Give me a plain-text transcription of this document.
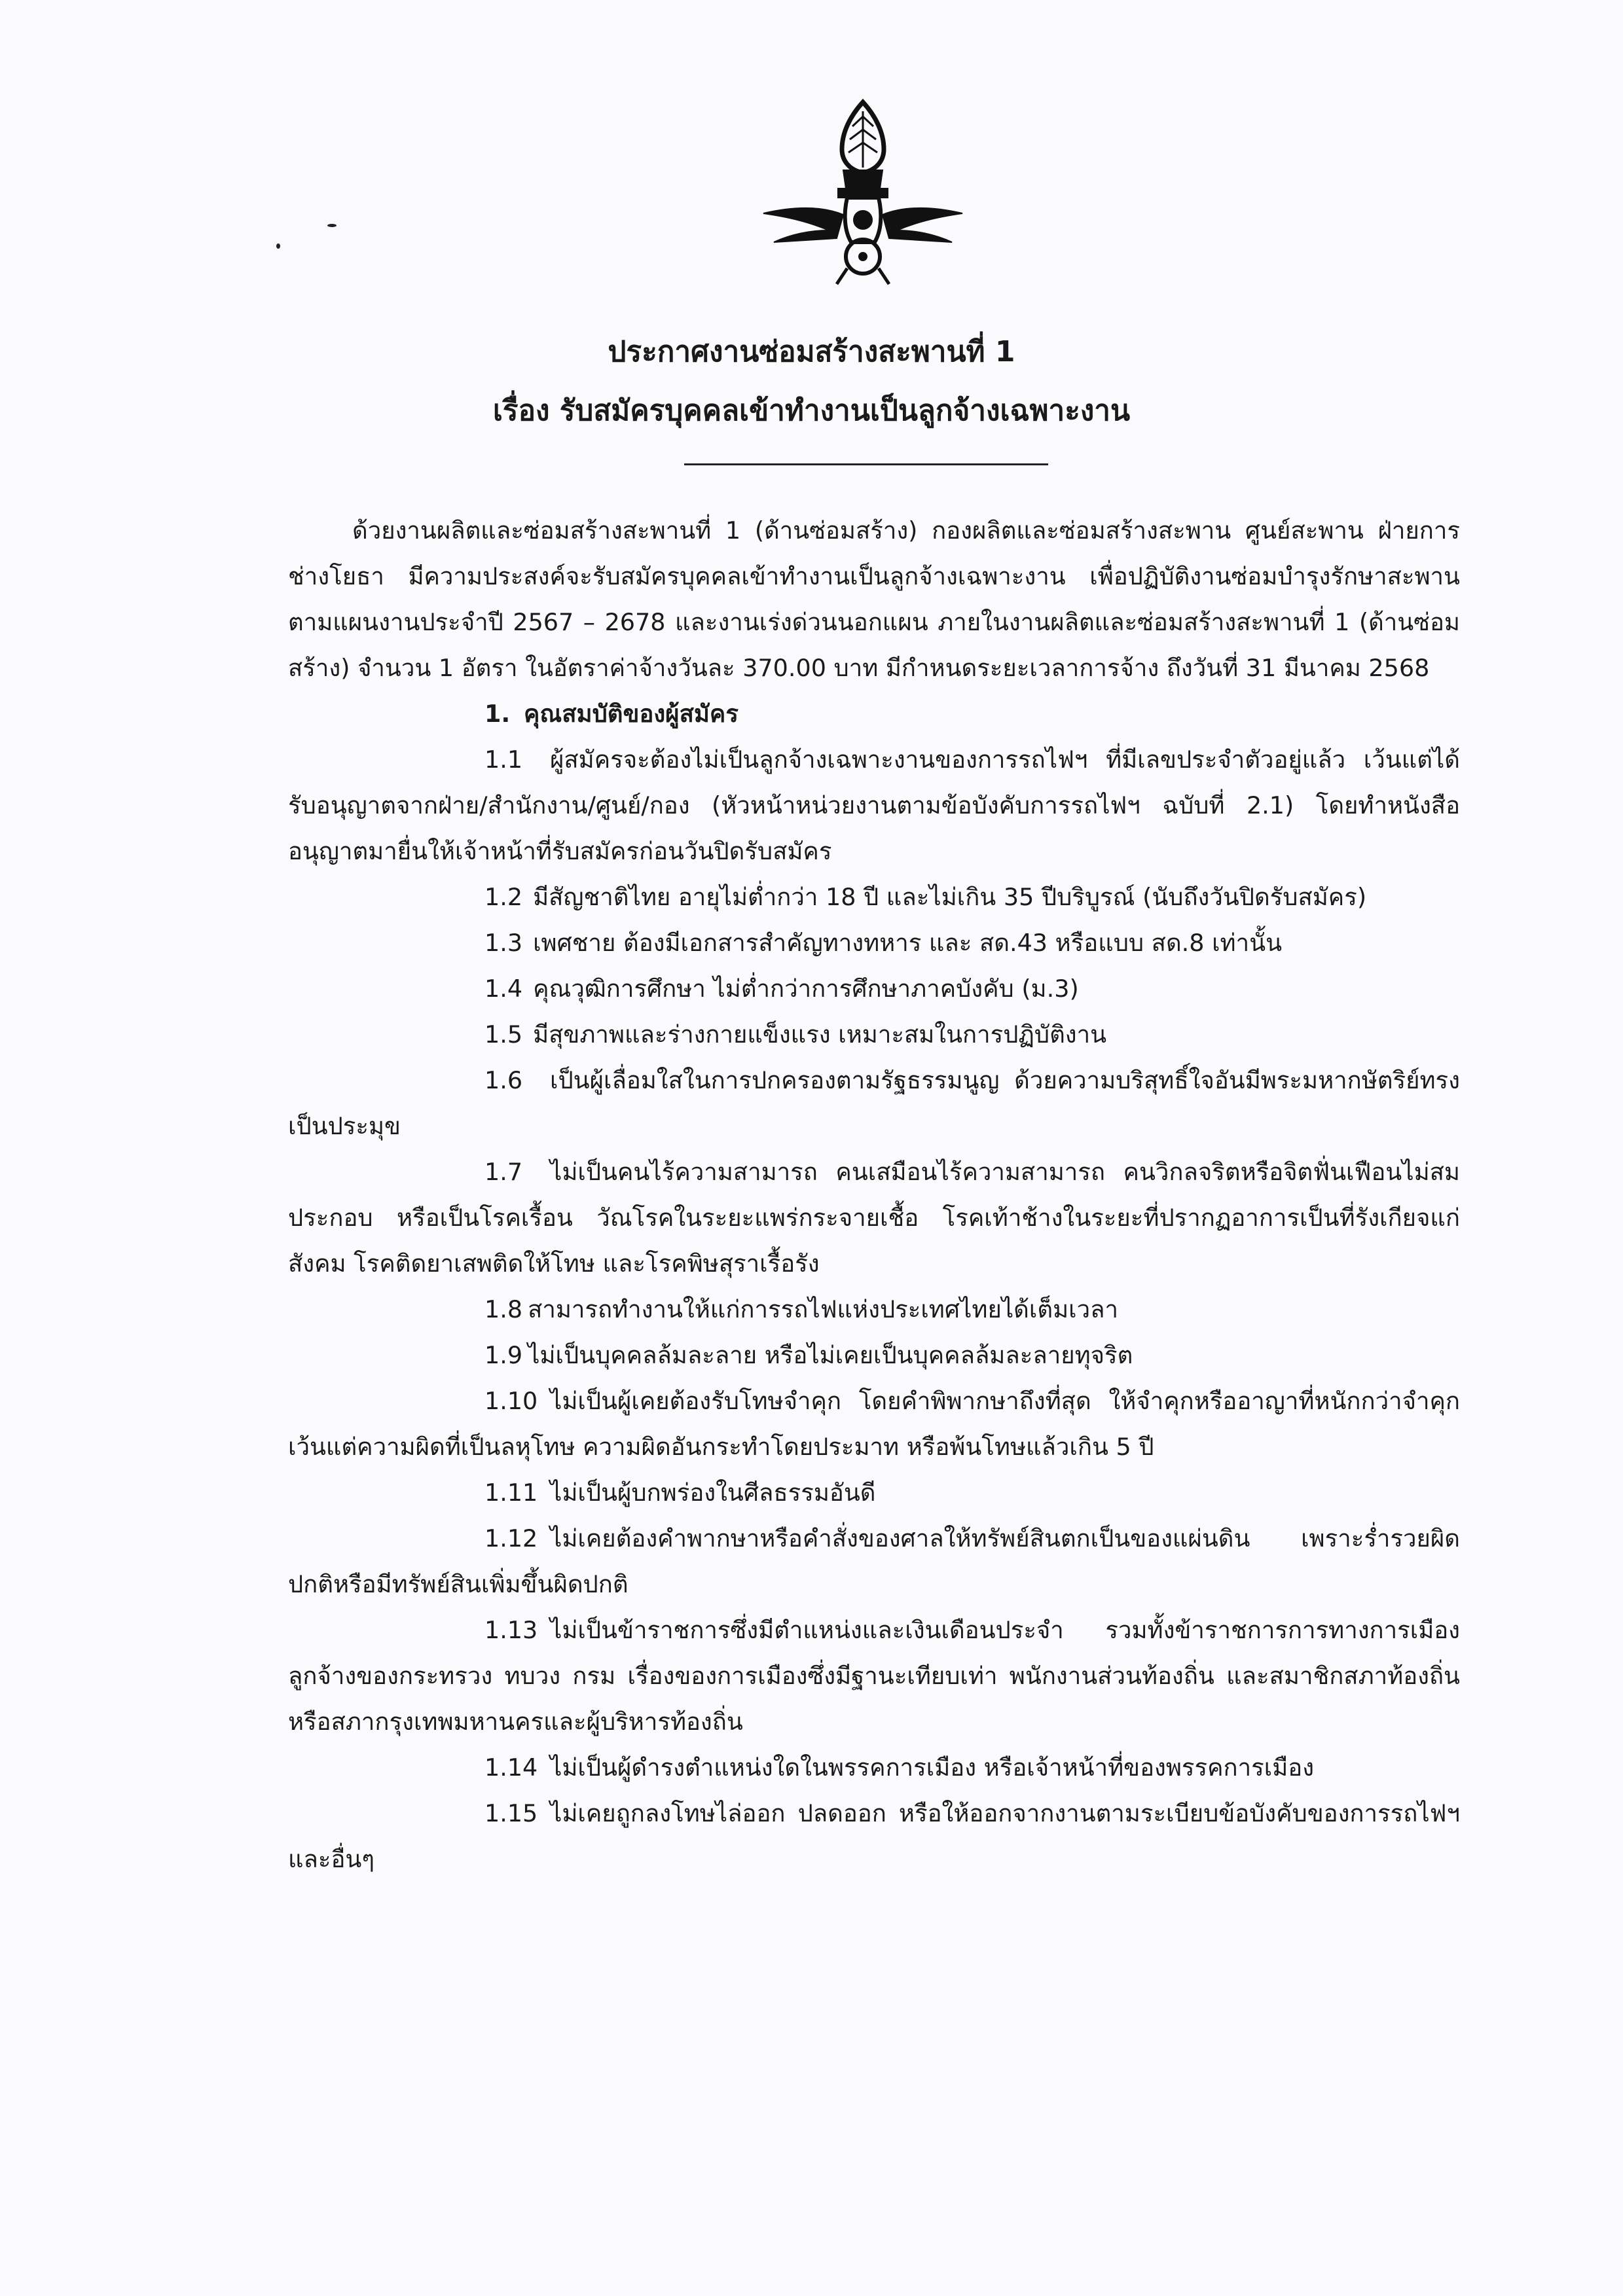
ประกาศงานซ่อมสร้างสะพานที่ 1
เรื่อง รับสมัครบุคคลเข้าทำงานเป็นลูกจ้างเฉพาะงาน

ด้วยงานผลิตและซ่อมสร้างสะพานที่ 1 (ด้านซ่อมสร้าง) กองผลิตและซ่อมสร้างสะพาน ศูนย์สะพาน ฝ่ายการช่างโยธา มีความประสงค์จะรับสมัครบุคคลเข้าทำงานเป็นลูกจ้างเฉพาะงาน เพื่อปฏิบัติงานซ่อมบำรุงรักษาสะพานตามแผนงานประจำปี 2567 – 2678 และงานเร่งด่วนนอกแผน ภายในงานผลิตและซ่อมสร้างสะพานที่ 1 (ด้านซ่อมสร้าง) จำนวน 1 อัตรา ในอัตราค่าจ้างวันละ 370.00 บาท มีกำหนดระยะเวลาการจ้าง ถึงวันที่ 31 มีนาคม 2568

1. คุณสมบัติของผู้สมัคร

1.1 ผู้สมัครจะต้องไม่เป็นลูกจ้างเฉพาะงานของการรถไฟฯ ที่มีเลขประจำตัวอยู่แล้ว เว้นแต่ได้รับอนุญาตจากฝ่าย/สำนักงาน/ศูนย์/กอง (หัวหน้าหน่วยงานตามข้อบังคับการรถไฟฯ ฉบับที่ 2.1) โดยทำหนังสืออนุญาตมายื่นให้เจ้าหน้าที่รับสมัครก่อนวันปิดรับสมัคร

1.2 มีสัญชาติไทย อายุไม่ต่ำกว่า 18 ปี และไม่เกิน 35 ปีบริบูรณ์ (นับถึงวันปิดรับสมัคร)

1.3 เพศชาย ต้องมีเอกสารสำคัญทางทหาร และ สด.43 หรือแบบ สด.8 เท่านั้น

1.4 คุณวุฒิการศึกษา ไม่ต่ำกว่าการศึกษาภาคบังคับ (ม.3)

1.5 มีสุขภาพและร่างกายแข็งแรง เหมาะสมในการปฏิบัติงาน

1.6 เป็นผู้เลื่อมใสในการปกครองตามรัฐธรรมนูญ ด้วยความบริสุทธิ์ใจอันมีพระมหากษัตริย์ทรงเป็นประมุข

1.7 ไม่เป็นคนไร้ความสามารถ คนเสมือนไร้ความสามารถ คนวิกลจริตหรือจิตฟั่นเฟือนไม่สมประกอบ หรือเป็นโรคเรื้อน วัณโรคในระยะแพร่กระจายเชื้อ โรคเท้าช้างในระยะที่ปรากฏอาการเป็นที่รังเกียจแก่สังคม โรคติดยาเสพติดให้โทษ และโรคพิษสุราเรื้อรัง

1.8 สามารถทำงานให้แก่การรถไฟแห่งประเทศไทยได้เต็มเวลา

1.9 ไม่เป็นบุคคลล้มละลาย หรือไม่เคยเป็นบุคคลล้มละลายทุจริต

1.10 ไม่เป็นผู้เคยต้องรับโทษจำคุก โดยคำพิพากษาถึงที่สุด ให้จำคุกหรืออาญาที่หนักกว่าจำคุก เว้นแต่ความผิดที่เป็นลหุโทษ ความผิดอันกระทำโดยประมาท หรือพ้นโทษแล้วเกิน 5 ปี

1.11 ไม่เป็นผู้บกพร่องในศีลธรรมอันดี

1.12 ไม่เคยต้องคำพากษาหรือคำสั่งของศาลให้ทรัพย์สินตกเป็นของแผ่นดิน เพราะร่ำรวยผิดปกติหรือมีทรัพย์สินเพิ่มขึ้นผิดปกติ

1.13 ไม่เป็นข้าราชการซึ่งมีตำแหน่งและเงินเดือนประจำ รวมทั้งข้าราชการการทางการเมือง ลูกจ้างของกระทรวง ทบวง กรม เรื่องของการเมืองซึ่งมีฐานะเทียบเท่า พนักงานส่วนท้องถิ่น และสมาชิกสภาท้องถิ่น หรือสภากรุงเทพมหานครและผู้บริหารท้องถิ่น

1.14 ไม่เป็นผู้ดำรงตำแหน่งใดในพรรคการเมือง หรือเจ้าหน้าที่ของพรรคการเมือง

1.15 ไม่เคยถูกลงโทษไล่ออก ปลดออก หรือให้ออกจากงานตามระเบียบข้อบังคับของการรถไฟฯ และอื่นๆ
